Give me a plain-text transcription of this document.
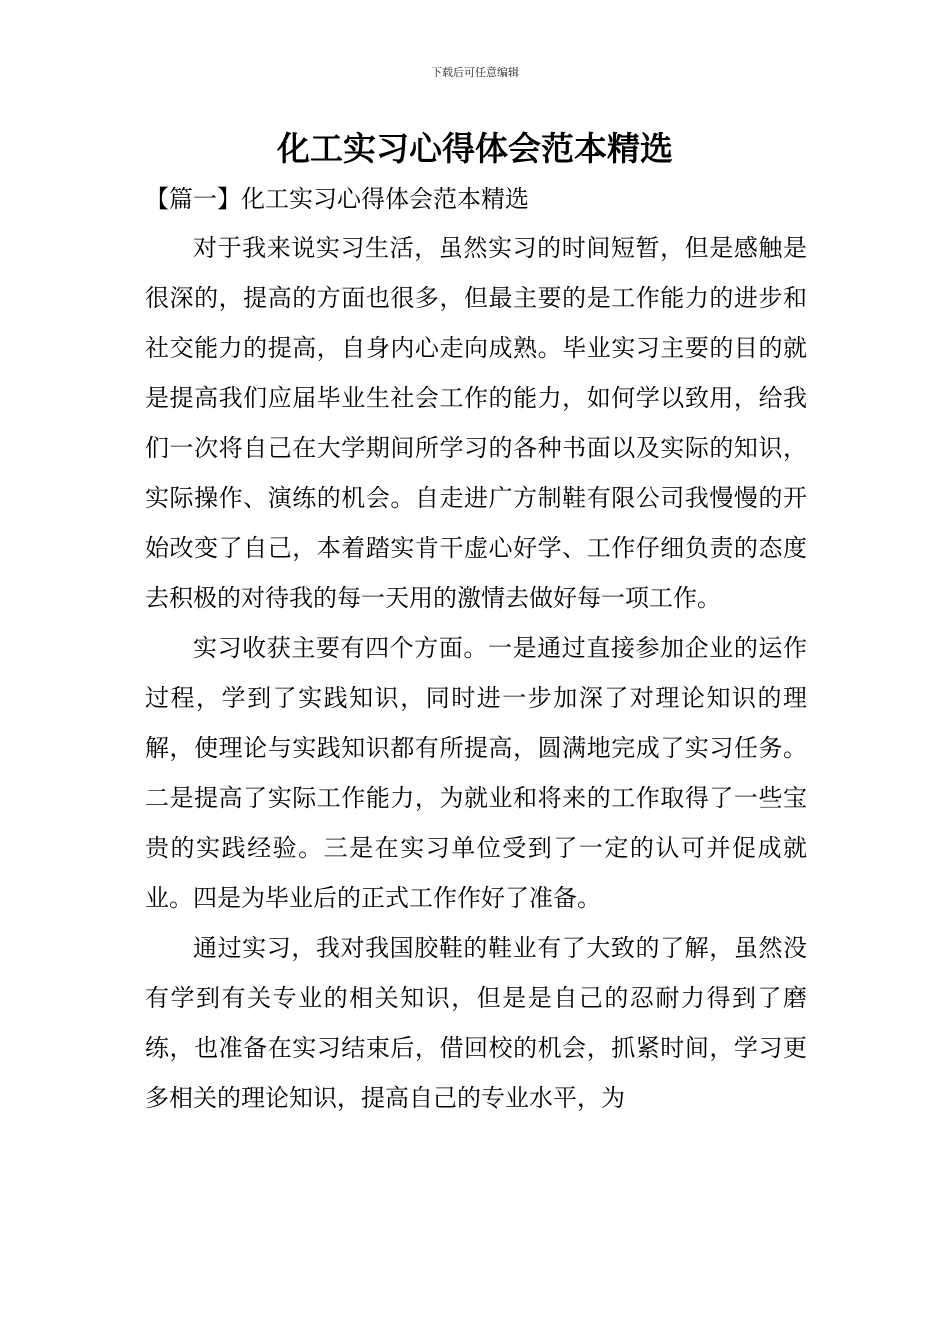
下载后可任意编辑
化工实习心得体会范本精选
【篇一】化工实习心得体会范本精选

对于我来说实习生活，虽然实习的时间短暂，但是感触是很深的，提高的方面也很多，但最主要的是工作能力的进步和社交能力的提高，自身内心走向成熟。毕业实习主要的目的就是提高我们应届毕业生社会工作的能力，如何学以致用，给我们一次将自己在大学期间所学习的各种书面以及实际的知识，实际操作、演练的机会。自走进广方制鞋有限公司我慢慢的开始改变了自己，本着踏实肯干虚心好学、工作仔细负责的态度去积极的对待我的每一天用的激情去做好每一项工作。

实习收获主要有四个方面。一是通过直接参加企业的运作过程，学到了实践知识，同时进一步加深了对理论知识的理解，使理论与实践知识都有所提高，圆满地完成了实习任务。二是提高了实际工作能力，为就业和将来的工作取得了一些宝贵的实践经验。三是在实习单位受到了一定的认可并促成就业。四是为毕业后的正式工作作好了准备。

通过实习，我对我国胶鞋的鞋业有了大致的了解，虽然没有学到有关专业的相关知识，但是是自己的忍耐力得到了磨练，也准备在实习结束后，借回校的机会，抓紧时间，学习更多相关的理论知识，提高自己的专业水平，为
